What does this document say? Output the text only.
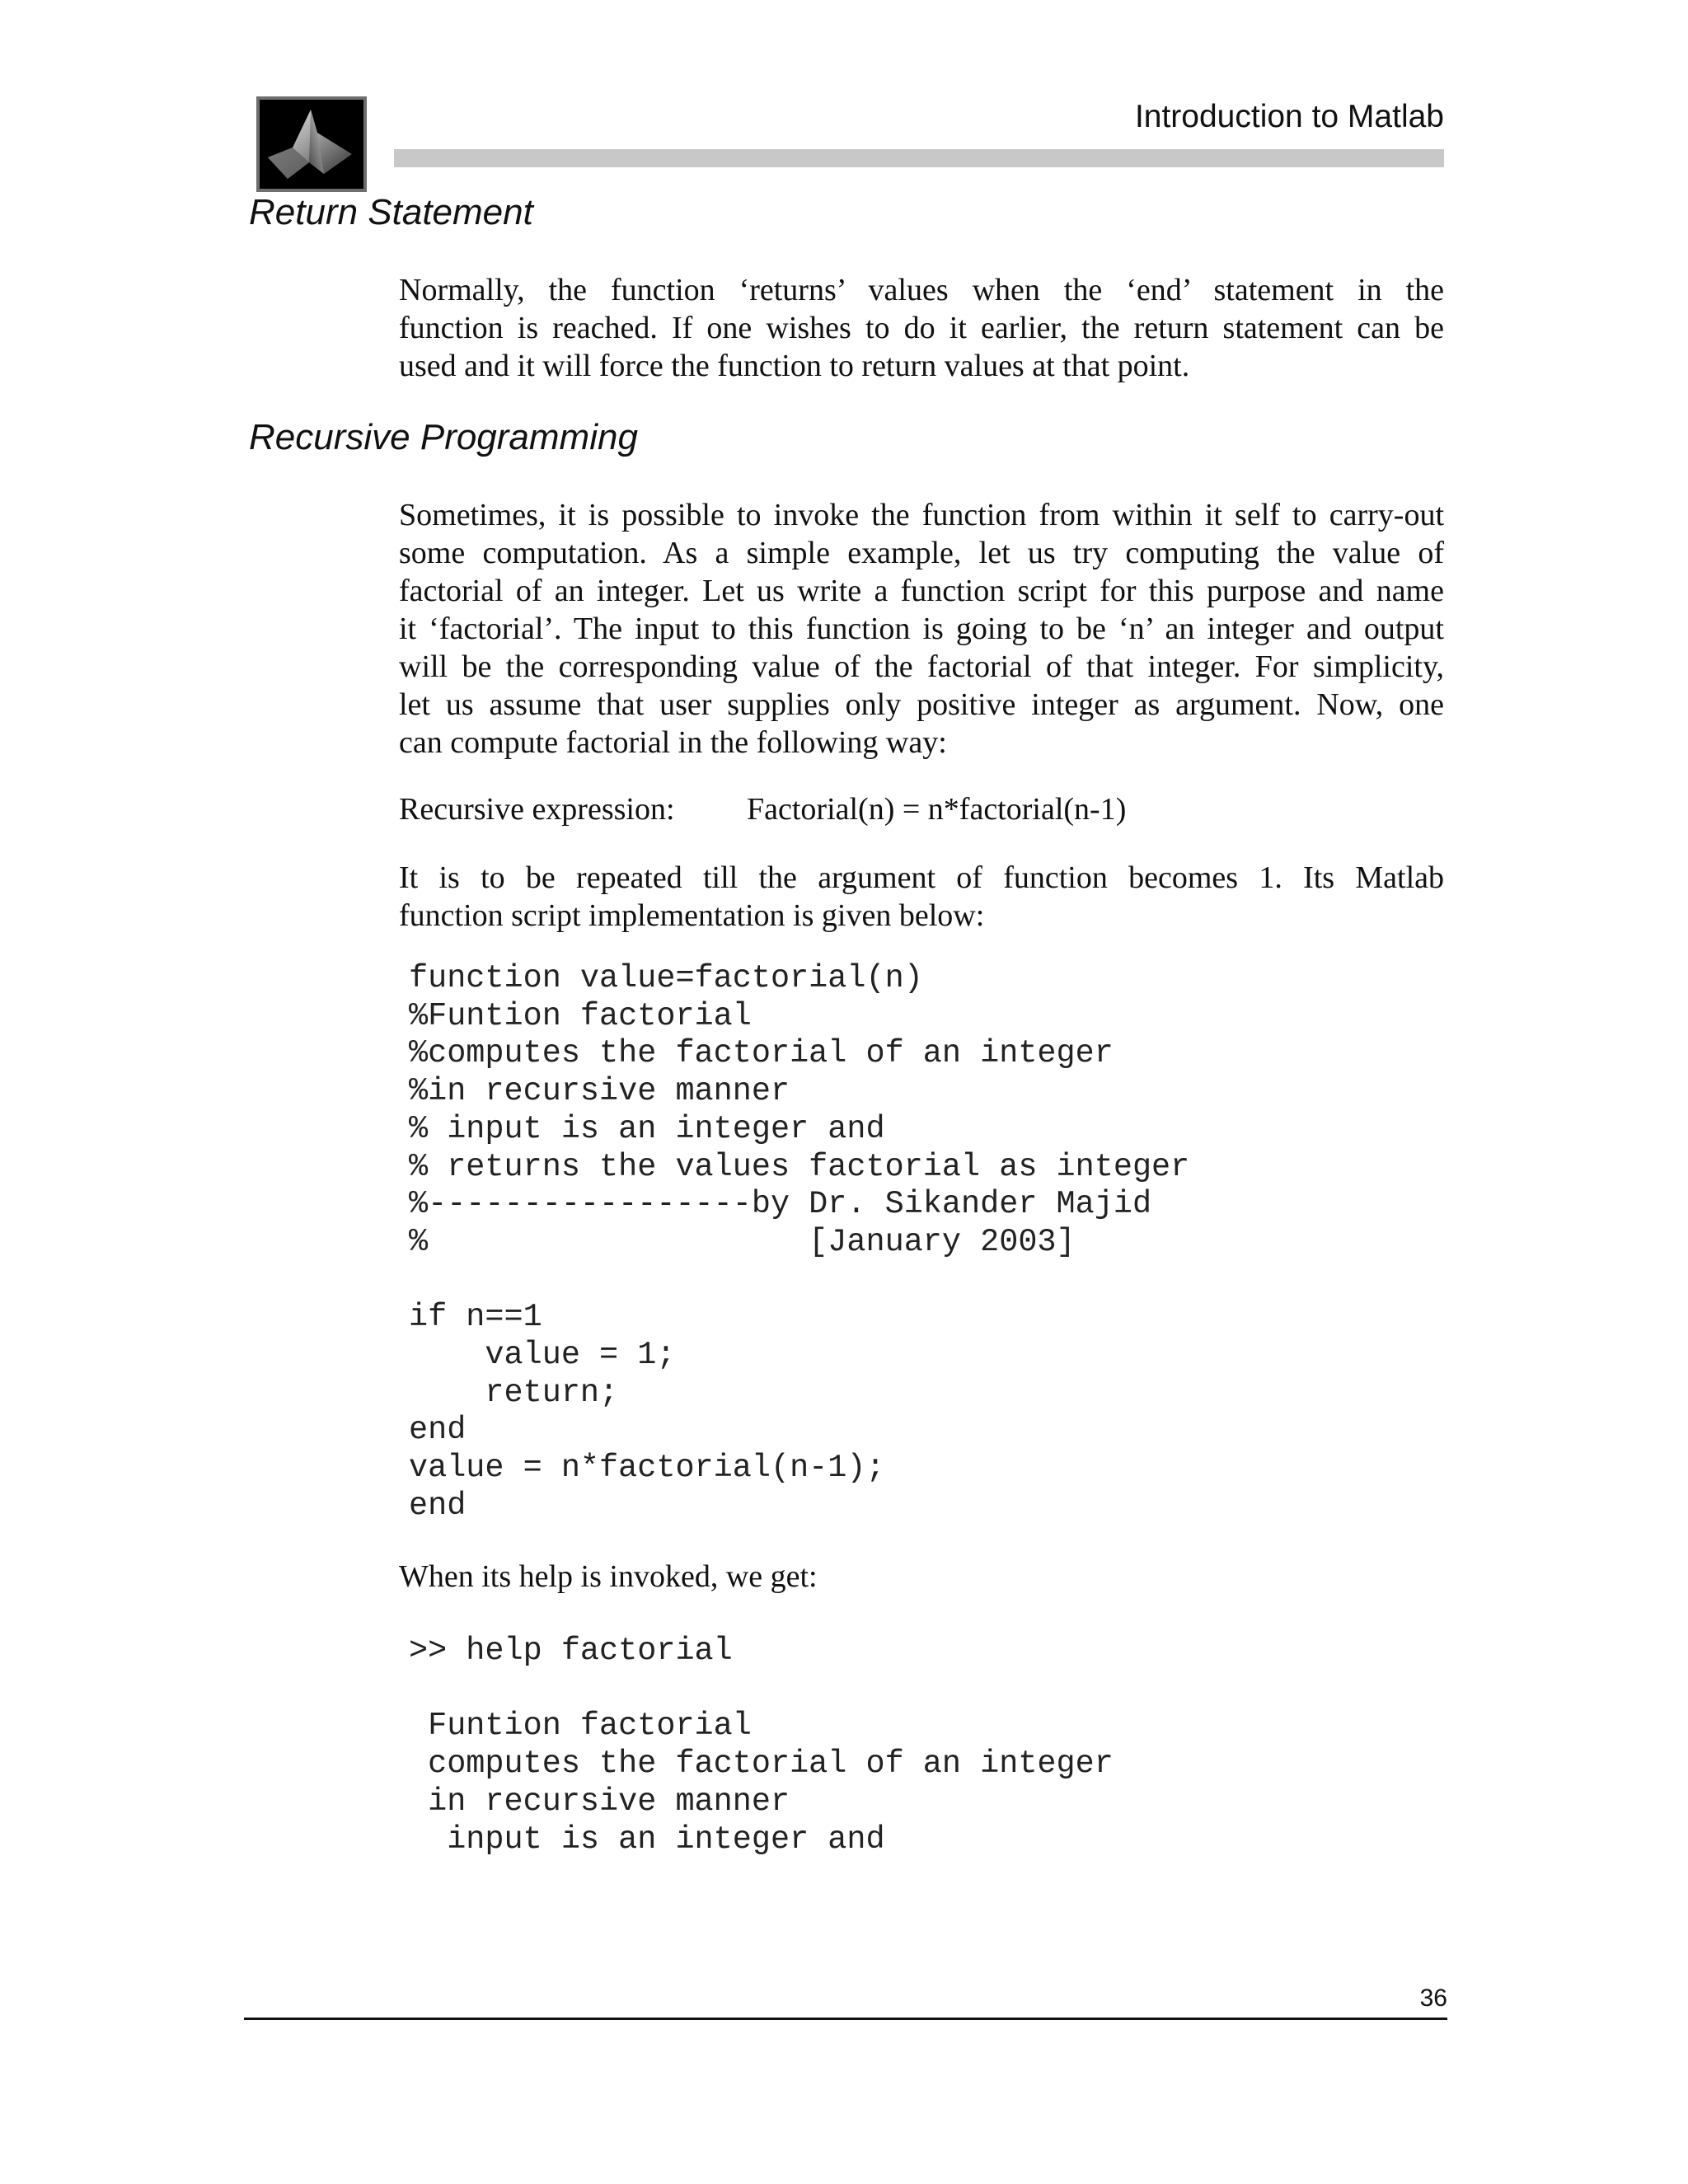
Introduction to Matlab
Return Statement
Normally, the function ‘returns’ values when the ‘end’ statement in the
function is reached. If one wishes to do it earlier, the return statement can be
used and it will force the function to return values at that point.
Recursive Programming
Sometimes, it is possible to invoke the function from within it self to carry-out
some computation. As a simple example, let us try computing the value of
factorial of an integer. Let us write a function script for this purpose and name
it ‘factorial’. The input to this function is going to be ‘n’ an integer and output
will be the corresponding value of the factorial of that integer. For simplicity,
let us assume that user supplies only positive integer as argument. Now, one
can compute factorial in the following way:
Recursive expression: Factorial(n) = n*factorial(n-1)
It is to be repeated till the argument of function becomes 1. Its Matlab
function script implementation is given below:
function value=factorial(n)
%Funtion factorial
%computes the factorial of an integer
%in recursive manner
% input is an integer and
% returns the values factorial as integer
%-----------------by Dr. Sikander Majid
%                    [January 2003]

if n==1
value = 1;
return;
end
value = n*factorial(n-1);
end
When its help is invoked, we get:
>> help factorial

Funtion factorial
computes the factorial of an integer
in recursive manner
input is an integer and
36
